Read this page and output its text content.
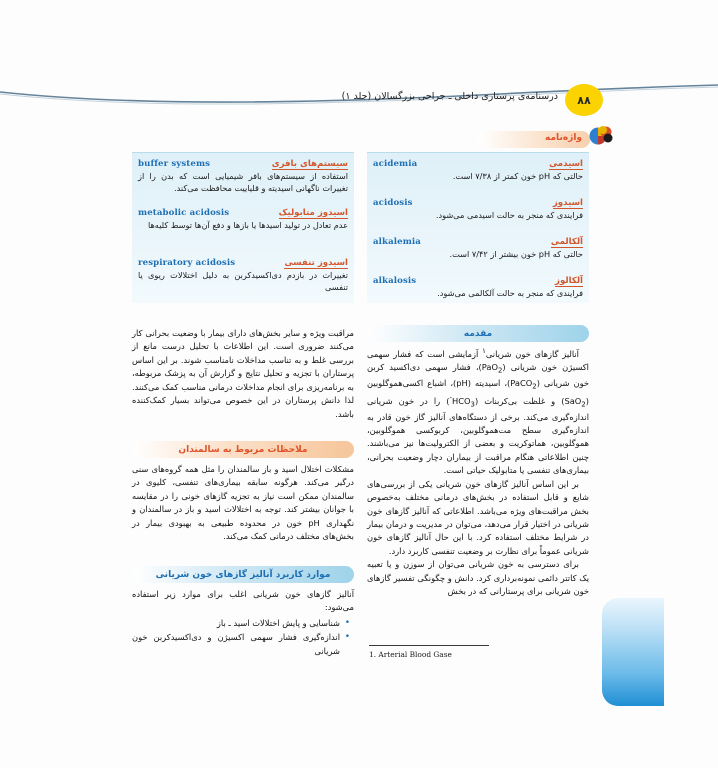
۸۸
درسنامه‌ی پرستاری داخلی ـ جراحی بزرگسالان (جلد ۱)
واژه‌نامه
acidemia	اسیدمی
حالتی که pH خون کمتر از ۷/۳۸ است.
acidosis	اسیدوز
فرایندی که منجر به حالت اسیدمی می‌شود.
alkalemia	آلکالمی
حالتی که pH خون بیشتر از ۷/۴۲ است.
alkalosis	آلکالوز
فرایندی که منجر به حالت آلکالمی می‌شود.
buffer systems	سیستم‌های بافری
استفاده از سیستم‌های بافر شیمیایی است که بدن را از تغییرات ناگهانی اسیدیته و قلیاییت محافظت می‌کند.
metabolic acidosis	اسیدوز متابولیک
عدم تعادل در تولید اسیدها یا بازها و دفع آن‌ها توسط کلیه‌ها
respiratory acidosis	اسیدوز تنفسی
تغییرات در بازدم دی‌اکسیدکربن به دلیل اختلالات ریوی یا تنفسی
مقدمه

آنالیز گازهای خون شریانی$^۱$ آزمایشی است که فشار سهمی اکسیژن خون شریانی (PaO$_2$)، فشار سهمی دی‌اکسید کربن خون شریانی (PaCO$_2$)، اسیدیته (pH)، اشباع اکسی‌هموگلوبین (SaO$_2$) و غلظت بی‌کربنات $(HCO_3^-)$ را در خون شریانی اندازه‌گیری می‌کند. برخی از دستگاه‌های آنالیز گاز خون قادر به اندازه‌گیری سطح مت‌هموگلوبین، کربوکسی هموگلوبین، هموگلوبین، هماتوکریت و بعضی از الکترولیت‌ها نیز می‌باشند. چنین اطلاعاتی هنگام مراقبت از بیماران دچار وضعیت بحرانی، بیماری‌های تنفسی یا متابولیک حیاتی است.

بر این اساس آنالیز گازهای خون شریانی یکی از بررسی‌های شایع و قابل استفاده در بخش‌های درمانی مختلف به‌خصوص بخش مراقبت‌های ویژه می‌باشد. اطلاعاتی که آنالیز گازهای خون شریانی در اختیار قرار می‌دهد، می‌توان در مدیریت و درمان بیمار در شرایط مختلف استفاده کرد. با این حال آنالیز گازهای خون شریانی عموماً برای نظارت بر وضعیت تنفسی کاربرد دارد.

برای دسترسی به خون شریانی می‌توان از سوزن و یا تعبیه یک کاتتر دائمی نمونه‌برداری کرد. دانش و چگونگی تفسیر گازهای خون شریانی برای پرستارانی که در بخش

1. Arterial Blood Gase

مراقبت ویژه و سایر بخش‌های دارای بیمار با وضعیت بحرانی کار می‌کنند ضروری است. این اطلاعات با تحلیل درست مانع از بررسی غلط و به تناسب مداخلات نامناسب شوند. بر این اساس پرستاران با تجزیه و تحلیل نتایج و گزارش آن به پزشک مربوطه، به برنامه‌ریزی برای انجام مداخلات درمانی مناسب کمک می‌کنند. لذا دانش پرستاران در این خصوص می‌تواند بسیار کمک‌کننده باشد.

ملاحظات مربوط به سالمندان

مشکلات اختلال اسید و باز سالمندان را مثل همه گروه‌های سنی درگیر می‌کند. هرگونه سابقه بیماری‌های تنفسی، کلیوی در سالمندان ممکن است نیاز به تجزیه گازهای خونی را در مقایسه با جوانان بیشتر کند. توجه به اختلالات اسید و باز در سالمندان و نگهداری pH خون در محدوده طبیعی به بهبودی بیمار در بخش‌های مختلف درمانی کمک می‌کند.

موارد کاربرد آنالیز گازهای خون شریانی

آنالیز گازهای خون شریانی اغلب برای موارد زیر استفاده می‌شود:

• شناسایی و پایش اختلالات اسید ـ باز
• اندازه‌گیری فشار سهمی اکسیژن و دی‌اکسیدکربن خون شریانی
